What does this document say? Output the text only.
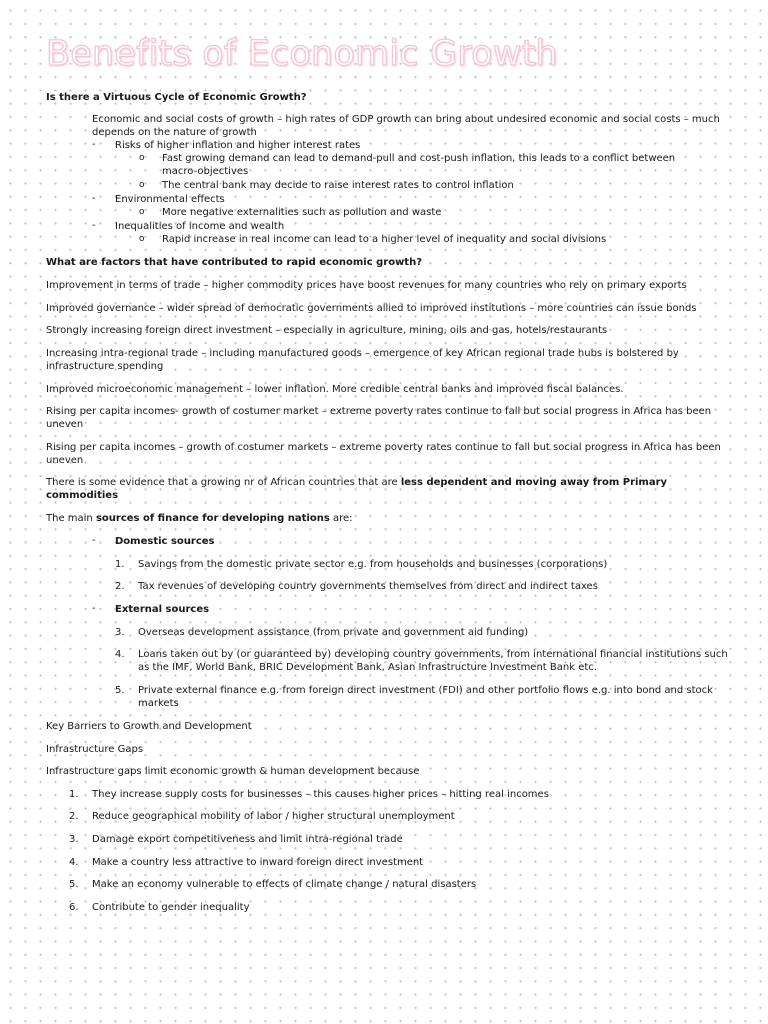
Benefits of Economic Growth
Is there a Virtuous Cycle of Economic Growth?
Economic and social costs of growth – high rates of GDP growth can bring about undesired economic and social costs – much depends on the nature of growth
- Risks of higher inflation and higher interest rates
o Fast growing demand can lead to demand-pull and cost-push inflation, this leads to a conflict between macro-objectives
o The central bank may decide to raise interest rates to control inflation
- Environmental effects
o More negative externalities such as pollution and waste
- Inequalities of income and wealth
o Rapid increase in real income can lead to a higher level of inequality and social divisions
What are factors that have contributed to rapid economic growth?
Improvement in terms of trade – higher commodity prices have boost revenues for many countries who rely on primary exports
Improved governance – wider spread of democratic governments allied to improved institutions – more countries can issue bonds
Strongly increasing foreign direct investment – especially in agriculture, mining, oils and gas, hotels/restaurants
Increasing intra-regional trade – including manufactured goods – emergence of key African regional trade hubs is bolstered by infrastructure spending
Improved microeconomic management – lower inflation. More credible central banks and improved fiscal balances.
Rising per capita incomes- growth of costumer market – extreme poverty rates continue to fall but social progress in Africa has been uneven
Rising per capita incomes – growth of costumer markets – extreme poverty rates continue to fall but social progress in Africa has been uneven
There is some evidence that a growing nr of African countries that are less dependent and moving away from Primary commodities
The main sources of finance for developing nations are:
- Domestic sources
1. Savings from the domestic private sector e.g. from households and businesses (corporations)
2. Tax revenues of developing country governments themselves from direct and indirect taxes
- External sources
3. Overseas development assistance (from private and government aid funding)
4. Loans taken out by (or guaranteed by) developing country governments, from international financial institutions such as the IMF, World Bank, BRIC Development Bank, Asian Infrastructure Investment Bank etc.
5. Private external finance e.g. from foreign direct investment (FDI) and other portfolio flows e.g. into bond and stock markets
Key Barriers to Growth and Development
Infrastructure Gaps
Infrastructure gaps limit economic growth & human development because
1. They increase supply costs for businesses – this causes higher prices – hitting real incomes
2. Reduce geographical mobility of labor / higher structural unemployment
3. Damage export competitiveness and limit intra-regional trade
4. Make a country less attractive to inward foreign direct investment
5. Make an economy vulnerable to effects of climate change / natural disasters
6. Contribute to gender inequality
